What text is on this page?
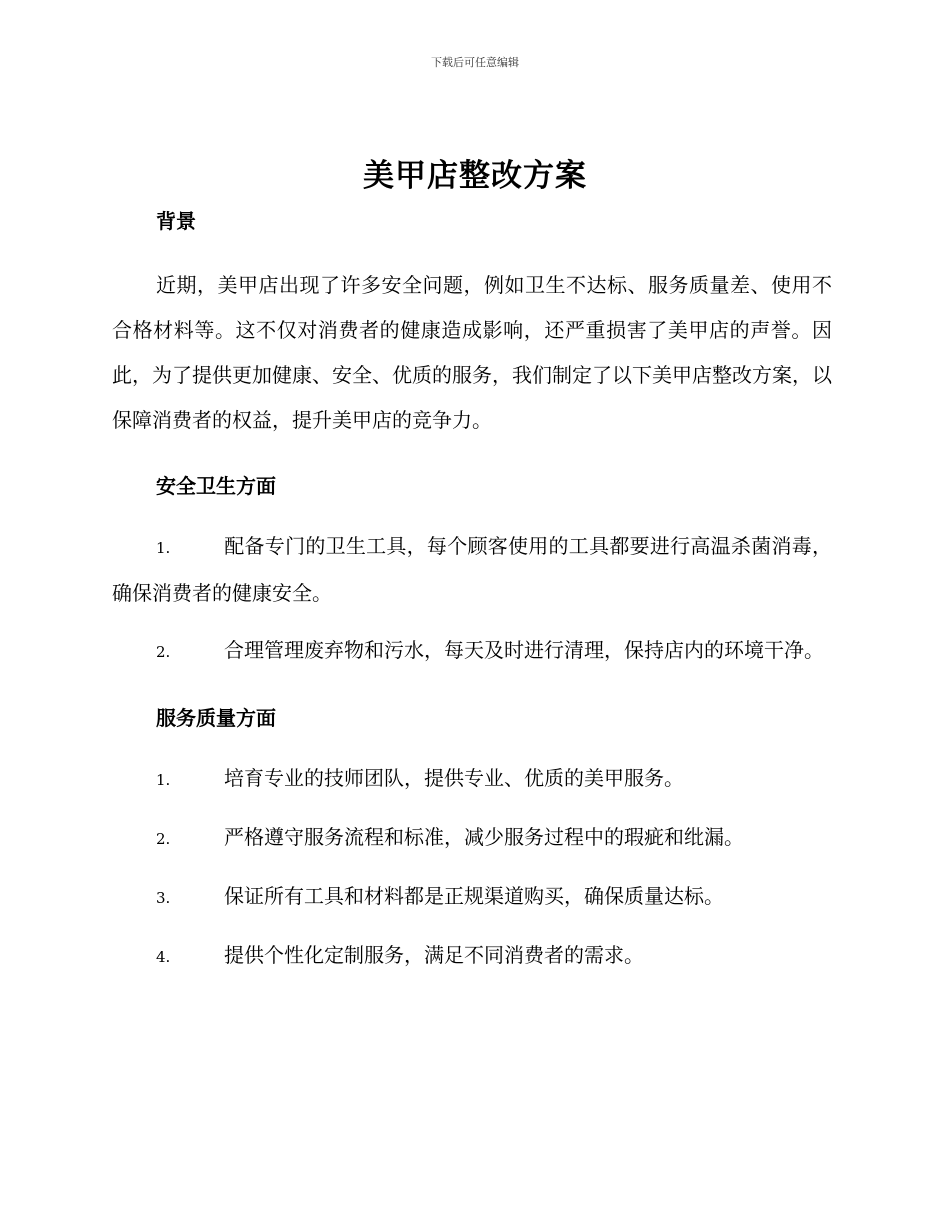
下载后可任意编辑
美甲店整改方案

背景

近期，美甲店出现了许多安全问题，例如卫生不达标、服务质量差、使用不合格材料等。这不仅对消费者的健康造成影响，还严重损害了美甲店的声誉。因此，为了提供更加健康、安全、优质的服务，我们制定了以下美甲店整改方案，以保障消费者的权益，提升美甲店的竞争力。

安全卫生方面

1.	配备专门的卫生工具，每个顾客使用的工具都要进行高温杀菌消毒，确保消费者的健康安全。

2.	合理管理废弃物和污水，每天及时进行清理，保持店内的环境干净。

服务质量方面

1.	培育专业的技师团队，提供专业、优质的美甲服务。

2.	严格遵守服务流程和标准，减少服务过程中的瑕疵和纰漏。

3.	保证所有工具和材料都是正规渠道购买，确保质量达标。

4.	提供个性化定制服务，满足不同消费者的需求。
